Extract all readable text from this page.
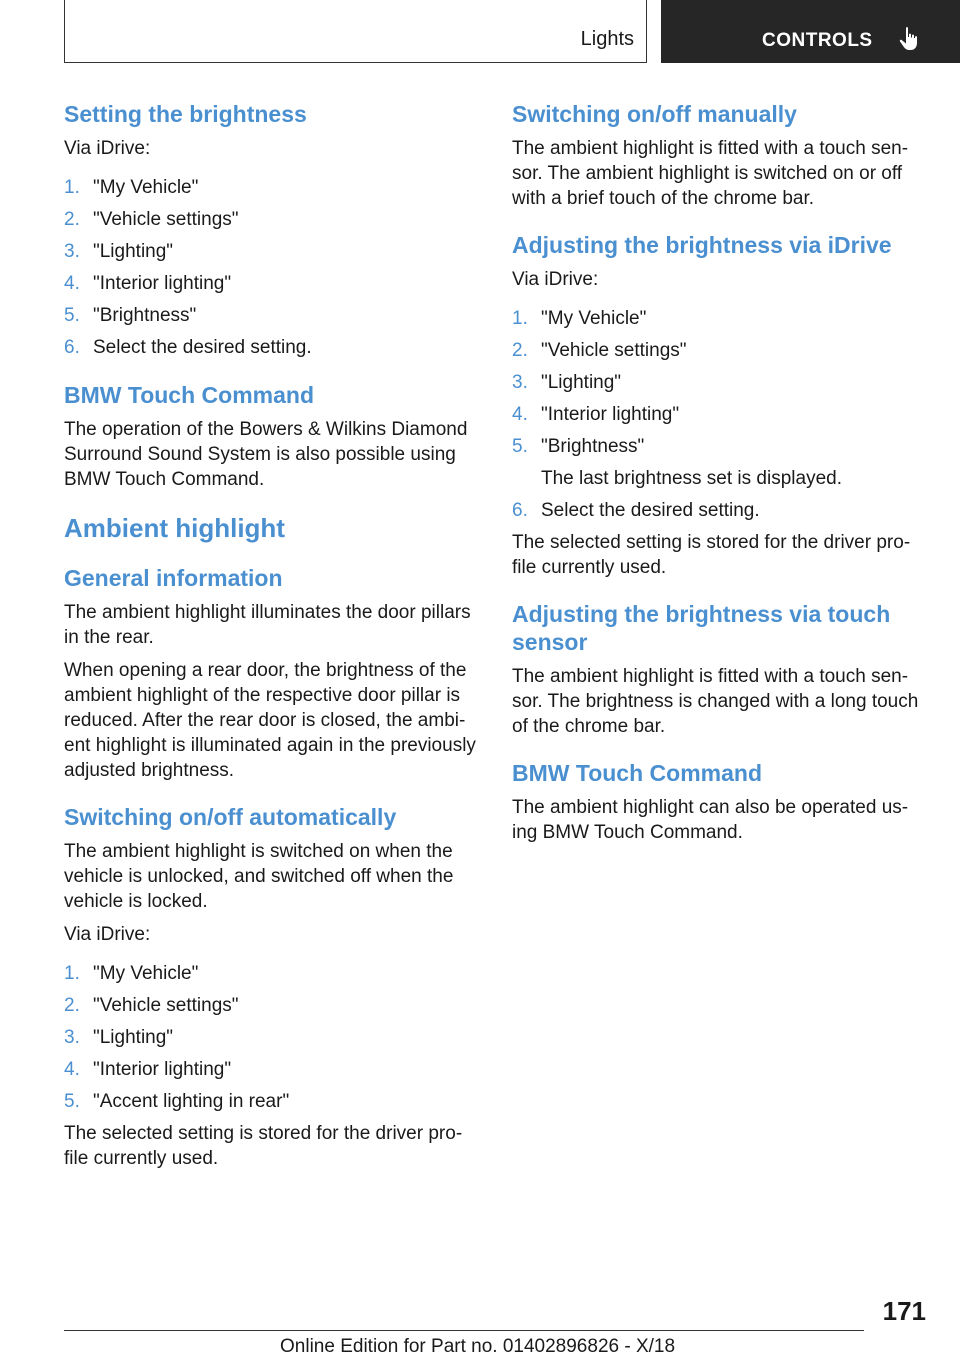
Lights	CONTROLS
Setting the brightness

Via iDrive:

1. "My Vehicle"
2. "Vehicle settings"
3. "Lighting"
4. "Interior lighting"
5. "Brightness"
6. Select the desired setting.
BMW Touch Command

The operation of the Bowers & Wilkins Diamond Surround Sound System is also possible using BMW Touch Command.

Ambient highlight
General information

The ambient highlight illuminates the door pillars in the rear.

When opening a rear door, the brightness of the ambient highlight of the respective door pillar is reduced. After the rear door is closed, the ambient highlight is illuminated again in the previously adjusted brightness.

Switching on/off automatically

The ambient highlight is switched on when the vehicle is unlocked, and switched off when the vehicle is locked.

Via iDrive:

1. "My Vehicle"
2. "Vehicle settings"
3. "Lighting"
4. "Interior lighting"
5. "Accent lighting in rear"

The selected setting is stored for the driver profile currently used.

Switching on/off manually

The ambient highlight is fitted with a touch sensor. The ambient highlight is switched on or off with a brief touch of the chrome bar.

Adjusting the brightness via iDrive

Via iDrive:

1. "My Vehicle"
2. "Vehicle settings"
3. "Lighting"
4. "Interior lighting"
5. "Brightness"
The last brightness set is displayed.
6. Select the desired setting.

The selected setting is stored for the driver profile currently used.

Adjusting the brightness via touch sensor

The ambient highlight is fitted with a touch sensor. The brightness is changed with a long touch of the chrome bar.

BMW Touch Command

The ambient highlight can also be operated using BMW Touch Command.

171
Online Edition for Part no. 01402896826 - X/18
